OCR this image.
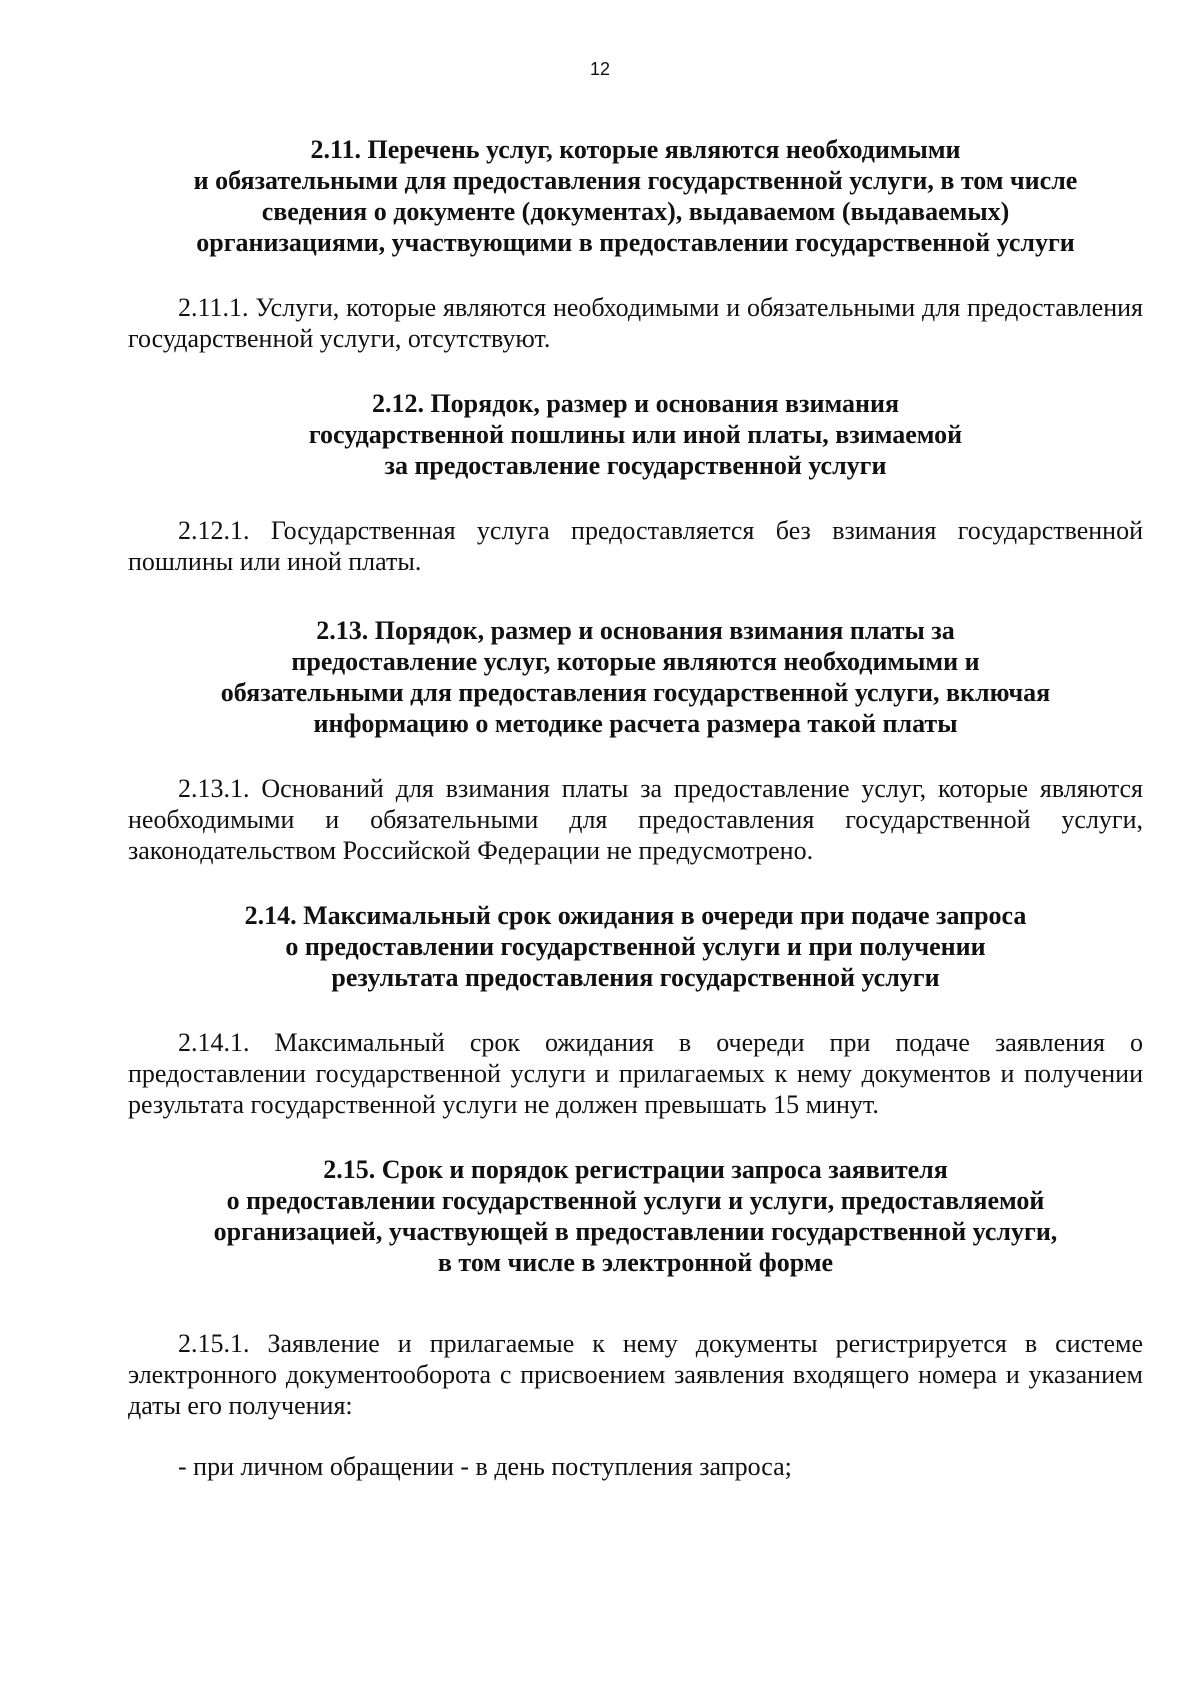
12
2.11. Перечень услуг, которые являются необходимыми
и обязательными для предоставления государственной услуги, в том числе
сведения о документе (документах), выдаваемом (выдаваемых)
организациями, участвующими в предоставлении государственной услуги

2.11.1. Услуги, которые являются необходимыми и обязательными для предоставления государственной услуги, отсутствуют.

2.12. Порядок, размер и основания взимания
государственной пошлины или иной платы, взимаемой
за предоставление государственной услуги

2.12.1. Государственная услуга предоставляется без взимания государственной пошлины или иной платы.

2.13. Порядок, размер и основания взимания платы за
предоставление услуг, которые являются необходимыми и
обязательными для предоставления государственной услуги, включая
информацию о методике расчета размера такой платы

2.13.1. Оснований для взимания платы за предоставление услуг, которые являются необходимыми и обязательными для предоставления государственной услуги, законодательством Российской Федерации не предусмотрено.

2.14. Максимальный срок ожидания в очереди при подаче запроса
о предоставлении государственной услуги и при получении
результата предоставления государственной услуги

2.14.1. Максимальный срок ожидания в очереди при подаче заявления о предоставлении государственной услуги и прилагаемых к нему документов и получении результата государственной услуги не должен превышать 15 минут.

2.15. Срок и порядок регистрации запроса заявителя
о предоставлении государственной услуги и услуги, предоставляемой
организацией, участвующей в предоставлении государственной услуги,
в том числе в электронной форме

2.15.1. Заявление и прилагаемые к нему документы регистрируется в системе электронного документооборота с присвоением заявления входящего номера и указанием даты его получения:

- при личном обращении - в день поступления запроса;
